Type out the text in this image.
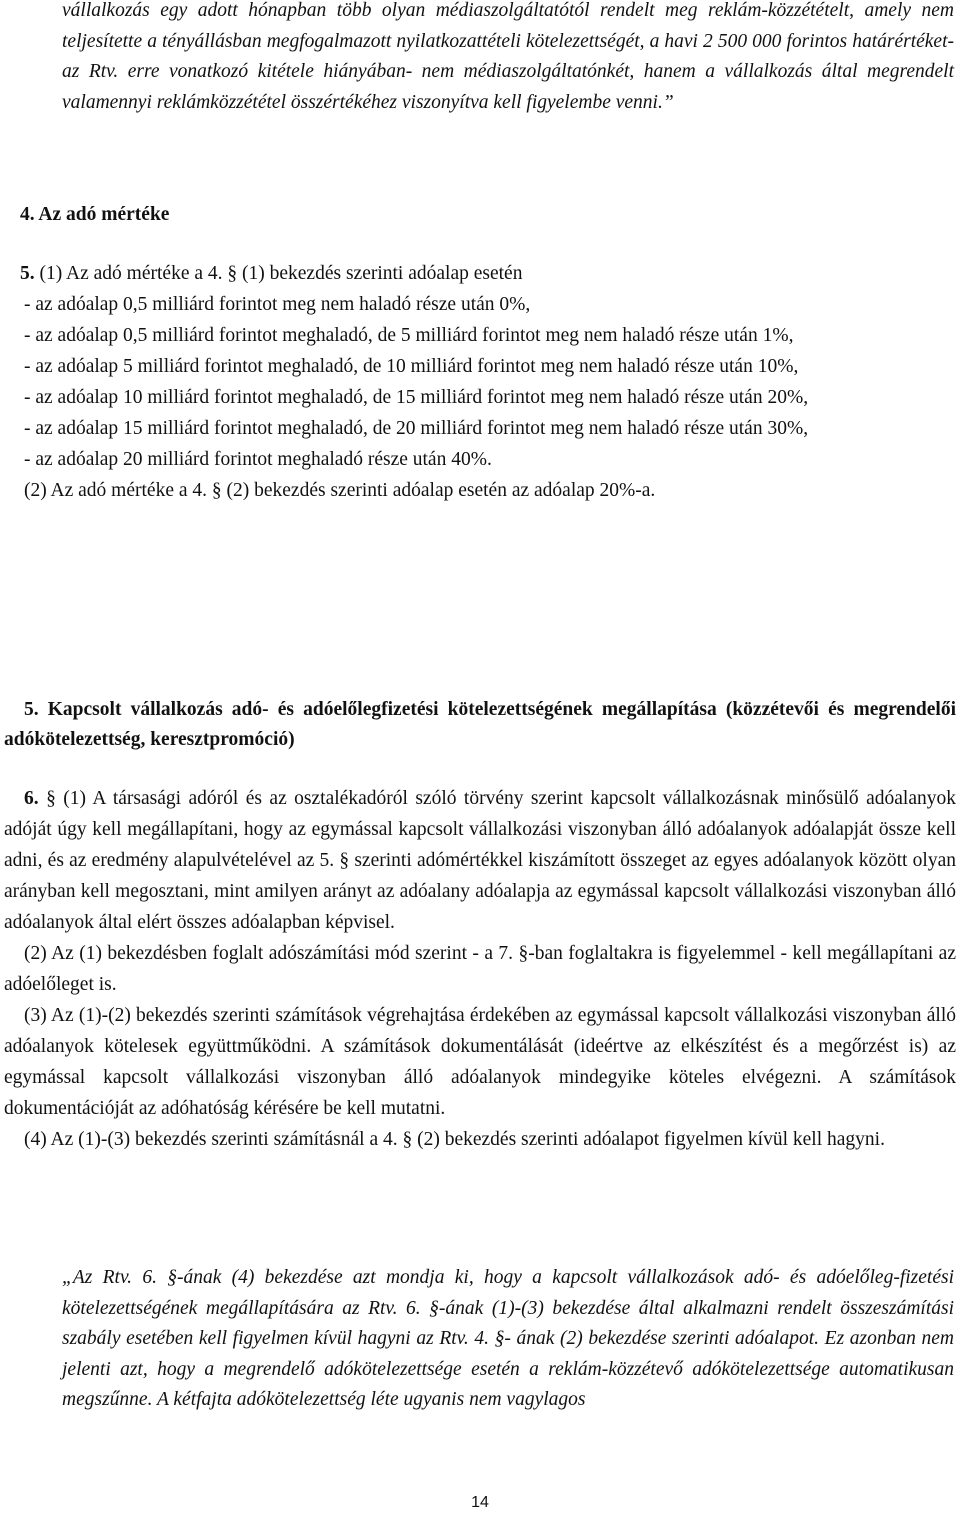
vállalkozás egy adott hónapban több olyan médiaszolgáltatótól rendelt meg reklám-közzétételt, amely nem teljesítette a tényállásban megfogalmazott nyilatkozattételi kötelezettségét, a havi 2 500 000 forintos határértéket-az Rtv. erre vonatkozó kitétele hiányában- nem médiaszolgáltatónkét, hanem a vállalkozás által megrendelt valamennyi reklámközzététel összértékéhez viszonyítva kell figyelembe venni.”

4. Az adó mértéke

5. (1) Az adó mértéke a 4. § (1) bekezdés szerinti adóalap esetén

- az adóalap 0,5 milliárd forintot meg nem haladó része után 0%,

- az adóalap 0,5 milliárd forintot meghaladó, de 5 milliárd forintot meg nem haladó része után 1%,

- az adóalap 5 milliárd forintot meghaladó, de 10 milliárd forintot meg nem haladó része után 10%,

- az adóalap 10 milliárd forintot meghaladó, de 15 milliárd forintot meg nem haladó része után 20%,

- az adóalap 15 milliárd forintot meghaladó, de 20 milliárd forintot meg nem haladó része után 30%,

- az adóalap 20 milliárd forintot meghaladó része után 40%.

(2) Az adó mértéke a 4. § (2) bekezdés szerinti adóalap esetén az adóalap 20%-a.

5. Kapcsolt vállalkozás adó- és adóelőlegfizetési kötelezettségének megállapítása (közzétevői és megrendelői adókötelezettség, keresztpromóció)

6. § (1) A társasági adóról és az osztalékadóról szóló törvény szerint kapcsolt vállalkozásnak minősülő adóalanyok adóját úgy kell megállapítani, hogy az egymással kapcsolt vállalkozási viszonyban álló adóalanyok adóalapját össze kell adni, és az eredmény alapulvételével az 5. § szerinti adómértékkel kiszámított összeget az egyes adóalanyok között olyan arányban kell megosztani, mint amilyen arányt az adóalany adóalapja az egymással kapcsolt vállalkozási viszonyban álló adóalanyok által elért összes adóalapban képvisel.

(2) Az (1) bekezdésben foglalt adószámítási mód szerint - a 7. §-ban foglaltakra is figyelemmel - kell megállapítani az adóelőleget is.

(3) Az (1)-(2) bekezdés szerinti számítások végrehajtása érdekében az egymással kapcsolt vállalkozási viszonyban álló adóalanyok kötelesek együttműködni. A számítások dokumentálását (ideértve az elkészítést és a megőrzést is) az egymással kapcsolt vállalkozási viszonyban álló adóalanyok mindegyike köteles elvégezni. A számítások dokumentációját az adóhatóság kérésére be kell mutatni.

(4) Az (1)-(3) bekezdés szerinti számításnál a 4. § (2) bekezdés szerinti adóalapot figyelmen kívül kell hagyni.

„Az Rtv. 6. §-ának (4) bekezdése azt mondja ki, hogy a kapcsolt vállalkozások adó- és adóelőleg-fizetési kötelezettségének megállapítására az Rtv. 6. §-ának (1)-(3) bekezdése által alkalmazni rendelt összeszámítási szabály esetében kell figyelmen kívül hagyni az Rtv. 4. §- ának (2) bekezdése szerinti adóalapot. Ez azonban nem jelenti azt, hogy a megrendelő adókötelezettsége esetén a reklám-közzétevő adókötelezettsége automatikusan megszűnne. A kétfajta adókötelezettség léte ugyanis nem vagylagos

14
